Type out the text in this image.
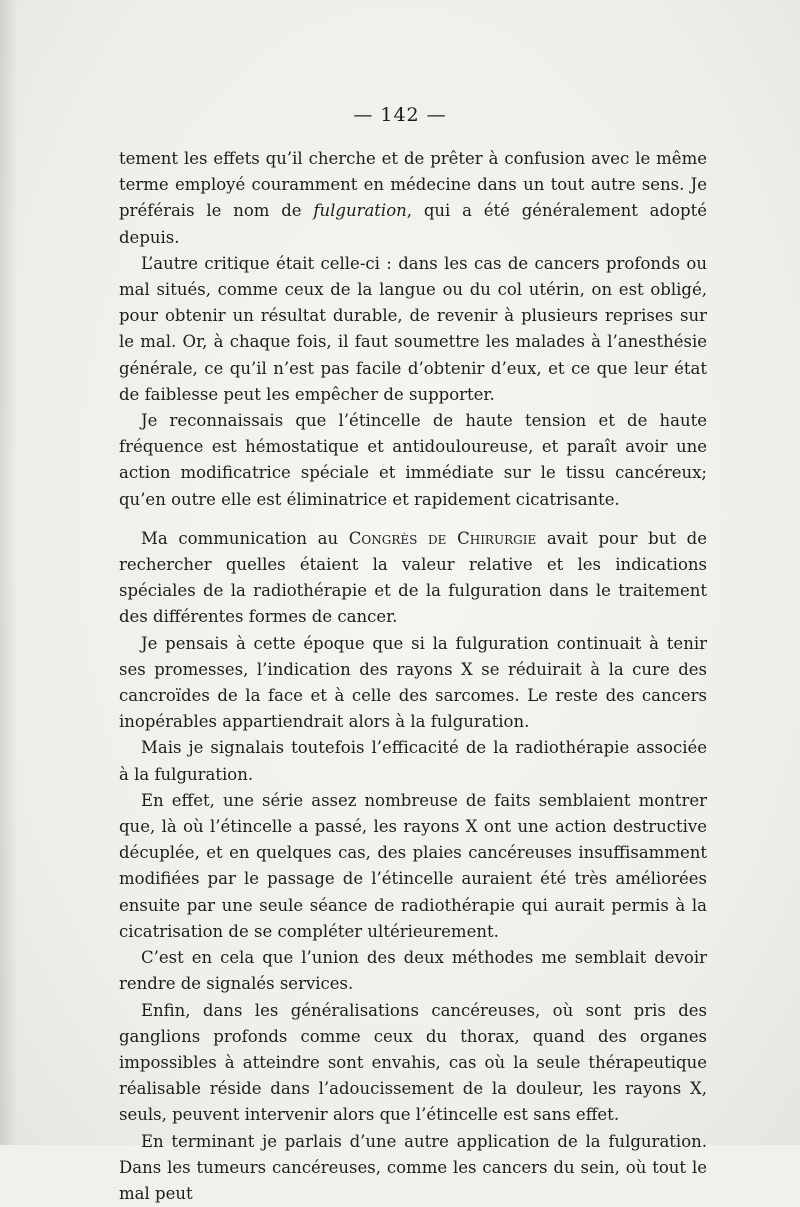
— 142 —

tement les effets qu’il cherche et de prêter à confusion avec le même terme employé couramment en médecine dans un tout autre sens. Je préférais le nom de fulguration, qui a été généralement adopté depuis.

L’autre critique était celle-ci : dans les cas de cancers profonds ou mal situés, comme ceux de la langue ou du col utérin, on est obligé, pour obtenir un résultat durable, de revenir à plusieurs reprises sur le mal. Or, à chaque fois, il faut soumettre les malades à l’anesthésie générale, ce qu’il n’est pas facile d’obtenir d’eux, et ce que leur état de faiblesse peut les empêcher de supporter.

Je reconnaissais que l’étincelle de haute tension et de haute fréquence est hémostatique et antidouloureuse, et paraît avoir une action modificatrice spéciale et immédiate sur le tissu cancéreux; qu’en outre elle est éliminatrice et rapidement cicatrisante.

Ma communication au Congrès de Chirurgie avait pour but de rechercher quelles étaient la valeur relative et les indications spéciales de la radiothérapie et de la fulguration dans le traitement des différentes formes de cancer.

Je pensais à cette époque que si la fulguration continuait à tenir ses promesses, l’indication des rayons X se réduirait à la cure des cancroïdes de la face et à celle des sarcomes. Le reste des cancers inopérables appartiendrait alors à la fulguration.

Mais je signalais toutefois l’efficacité de la radiothérapie associée à la fulguration.

En effet, une série assez nombreuse de faits semblaient montrer que, là où l’étincelle a passé, les rayons X ont une action destructive décuplée, et en quelques cas, des plaies cancéreuses insuffisamment modifiées par le passage de l’étincelle auraient été très améliorées ensuite par une seule séance de radiothérapie qui aurait permis à la cicatrisation de se compléter ultérieurement.

C’est en cela que l’union des deux méthodes me semblait devoir rendre de signalés services.

Enfin, dans les généralisations cancéreuses, où sont pris des ganglions profonds comme ceux du thorax, quand des organes impossibles à atteindre sont envahis, cas où la seule thérapeutique réalisable réside dans l’adoucissement de la douleur, les rayons X, seuls, peuvent intervenir alors que l’étincelle est sans effet.

En terminant je parlais d’une autre application de la fulguration. Dans les tumeurs cancéreuses, comme les cancers du sein, où tout le mal peut
